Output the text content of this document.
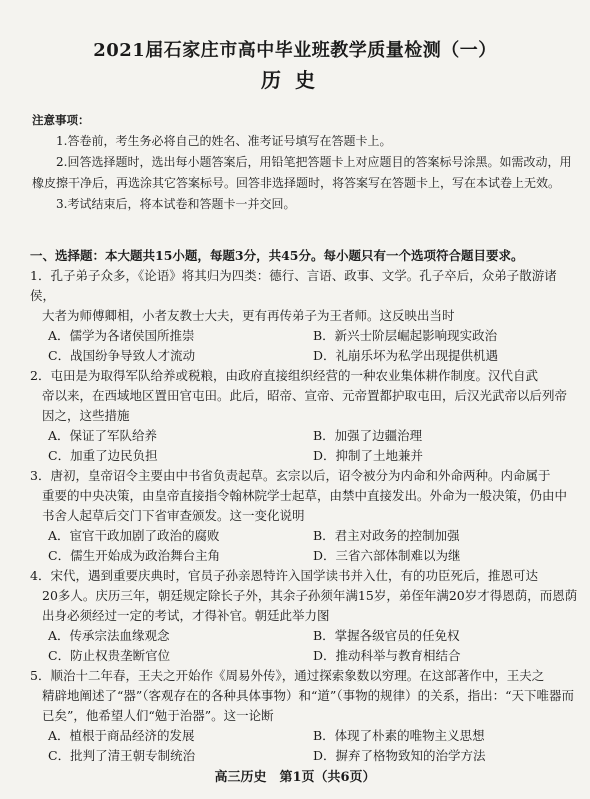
2021届石家庄市高中毕业班教学质量检测（一）
历史

注意事项：

1.答卷前，考生务必将自己的姓名、准考证号填写在答题卡上。

2.回答选择题时，选出每小题答案后，用铅笔把答题卡上对应题目的答案标号涂黑。如需改动，用橡皮擦干净后，再选涂其它答案标号。回答非选择题时，将答案写在答题卡上，写在本试卷上无效。

3.考试结束后，将本试卷和答题卡一并交回。

一、选择题：本大题共15小题，每题3分，共45分。每小题只有一个选项符合题目要求。

1．孔子弟子众多，《论语》将其归为四类：德行、言语、政事、文学。孔子卒后，众弟子散游诸侯，

大者为师傅卿相，小者友教士大夫，更有再传弟子为王者师。这反映出当时

A．儒学为各诸侯国所推崇	B．新兴士阶层崛起影响现实政治
C．战国纷争导致人才流动	D．礼崩乐坏为私学出现提供机遇

2．屯田是为取得军队给养或税粮，由政府直接组织经营的一种农业集体耕作制度。汉代自武

帝以来，在西域地区置田官屯田。此后，昭帝、宣帝、元帝置都护取屯田，后汉光武帝以后列帝因之，这些措施

A．保证了军队给养	B．加强了边疆治理
C．加重了边民负担	D．抑制了土地兼并

3．唐初，皇帝诏令主要由中书省负责起草。玄宗以后，诏令被分为内命和外命两种。内命属于

重要的中央决策，由皇帝直接指令翰林院学士起草，由禁中直接发出。外命为一般决策，仍由中书舍人起草后交门下省审查颁发。这一变化说明

A．宦官干政加剧了政治的腐败	B．君主对政务的控制加强
C．儒生开始成为政治舞台主角	D．三省六部体制难以为继

4．宋代，遇到重要庆典时，官员子孙亲恩特许入国学读书并入仕，有的功臣死后，推恩可达

20多人。庆历三年，朝廷规定除长子外，其余子孙须年满15岁，弟侄年满20岁才得恩荫，而恩荫出身必须经过一定的考试，才得补官。朝廷此举力图

A．传承宗法血缘观念	B．掌握各级官员的任免权
C．防止权贵垄断官位	D．推动科举与教育相结合

5．顺治十二年春，王夫之开始作《周易外传》，通过探索象数以穷理。在这部著作中，王夫之

精辟地阐述了“器”（客观存在的各种具体事物）和“道”（事物的规律）的关系，指出：“天下唯器而已矣”，他希望人们“勉于治器”。这一论断

A．植根于商品经济的发展	B．体现了朴素的唯物主义思想
C．批判了清王朝专制统治	D．摒弃了格物致知的治学方法
高三历史　第1页（共6页）
